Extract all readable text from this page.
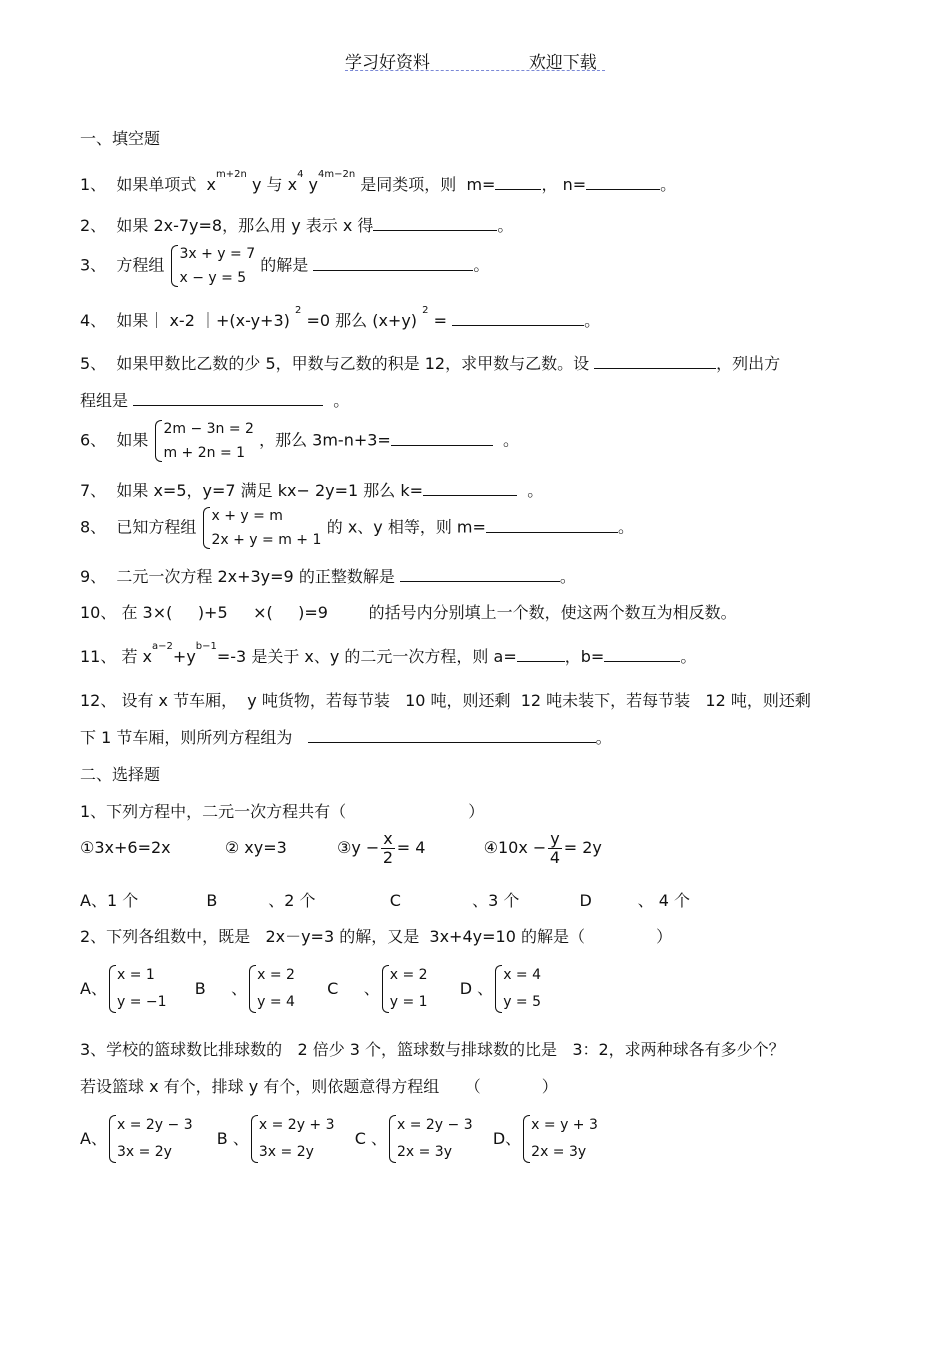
学习好资料	欢迎下载
一、填空题
1、 如果单项式 $x^{m+2n}$ y 与 $x^4$ $y^{4m-2n}$ 是同类项，则 m=	， n=	。
2、 如果 2x-7y=8，那么用 y 表示 x 得	。
3、 方程组
3x + y = 7
x − y = 5
的解是	。
4、 如果｜ x-2 ｜+(x-y+3) $^2$ =0 那么 (x+y) $^2$ =	。
5、 如果甲数比乙数的少 5，甲数与乙数的积是 12，求甲数与乙数。设	，列出方
程组是	。
6、 如果
2m − 3n = 2
m + 2n = 1
，那么 3m-n+3=	。
7、 如果 x=5，y=7 满足 kx− 2y=1 那么 k=	。
8、 已知方程组
x + y = m
2x + y = m + 1
的 x、y 相等，则 m=	。
9、 二元一次方程 2x+3y=9 的正整数解是	。
10、 在 3×(     )+5     ×(     )=9        的括号内分别填上一个数，使这两个数互为相反数。
11、 若 $x^{a-2}+y^{b-1}=-3$ 是关于 x、y 的二元一次方程，则 a=	，b=	。
12、 设有 x 节车厢，  y 吨货物，若每节装   10 吨，则还剩  12 吨未装下，若每节装   12 吨，则还剩
下 1 节车厢，则所列方程组为	。
二、选择题
1、下列方程中，二元一次方程共有（                        ）
①3x+6=2x	② xy=3	③y − $\frac{x}{2} = 4$	④10x − $\frac{y}{4} = 2y$
A、1 个	B          、2 个	C              、3 个	D         、 4 个
2、下列各组数中，既是   2x－y=3 的解，又是  3x+4y=10 的解是（              ）
A、
x = 1
y = −1
B     、
x = 2
y = 4
C     、
x = 2
y = 1
D 、
x = 4
y = 5
3、学校的篮球数比排球数的   2 倍少 3 个，篮球数与排球数的比是   3：2，求两种球各有多少个？
若设篮球 x 有个，排球 y 有个，则依题意得方程组     （            ）
A、
x = 2y − 3
3x = 2y
B 、
x = 2y + 3
3x = 2y
C 、
x = 2y − 3
2x = 3y
D、
x = y + 3
2x = 3y
